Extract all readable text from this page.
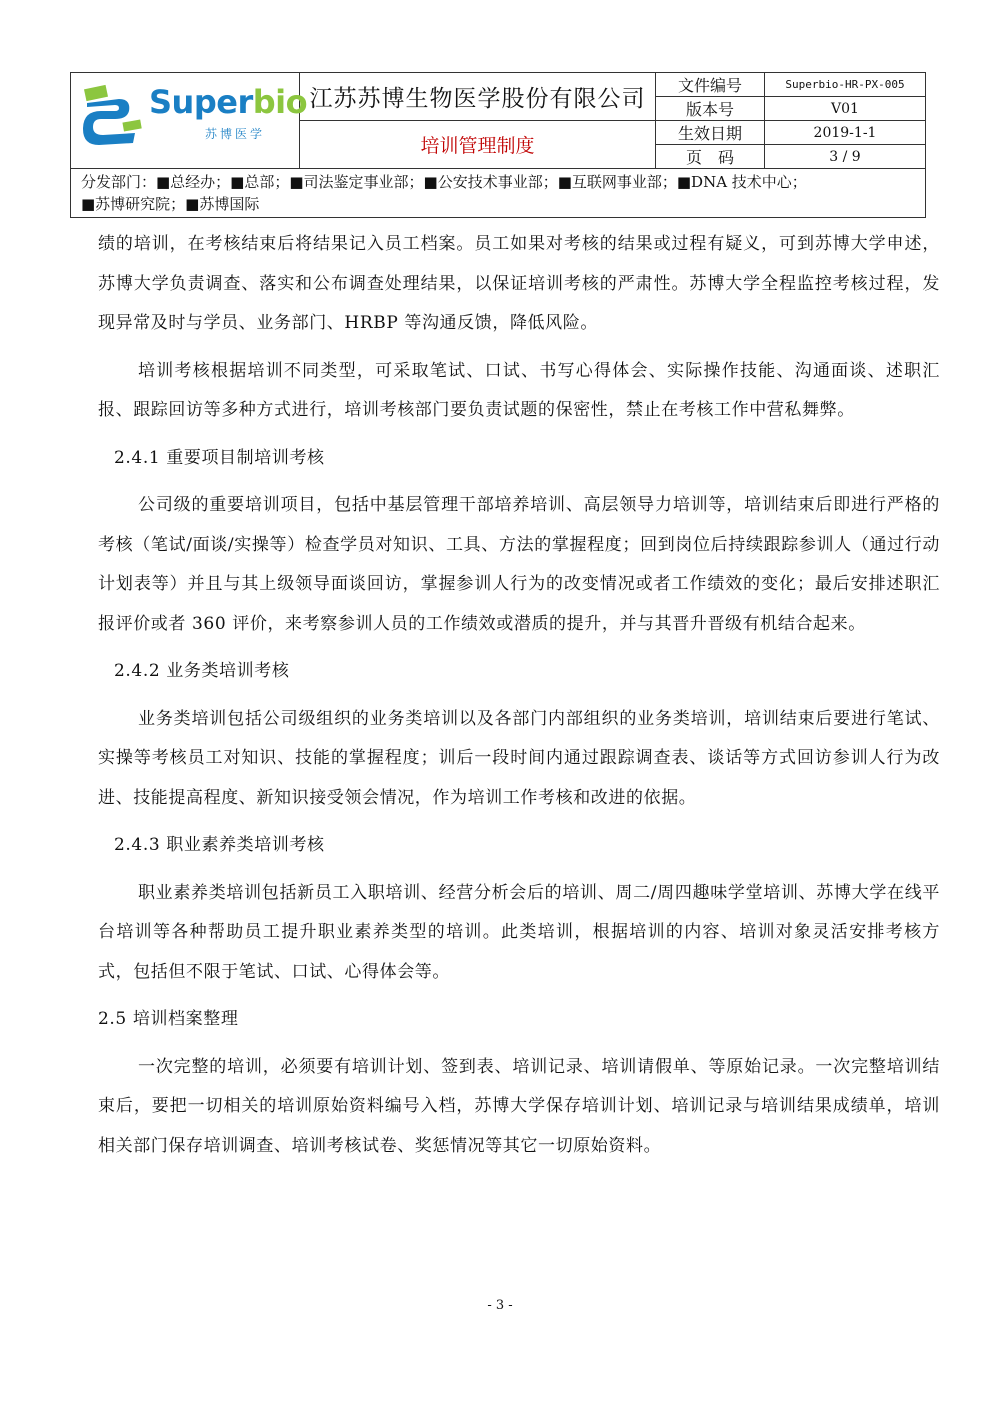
Superbio
苏博医学	江苏苏博生物医学股份有限公司	文件编号	Superbio-HR-PX-005
		版本号	V01
	培训管理制度	生效日期	2019-1-1
		页　码	3 / 9

分发部门：■总经办；■总部；■司法鉴定事业部；■公安技术事业部；■互联网事业部；■DNA 技术中心；
■苏博研究院；■苏博国际			

绩的培训，在考核结束后将结果记入员工档案。员工如果对考核的结果或过程有疑义，可到苏博大学申述，苏博大学负责调查、落实和公布调查处理结果，以保证培训考核的严肃性。苏博大学全程监控考核过程，发现异常及时与学员、业务部门、HRBP 等沟通反馈，降低风险。

培训考核根据培训不同类型，可采取笔试、口试、书写心得体会、实际操作技能、沟通面谈、述职汇报、跟踪回访等多种方式进行，培训考核部门要负责试题的保密性，禁止在考核工作中营私舞弊。

2.4.1 重要项目制培训考核

公司级的重要培训项目，包括中基层管理干部培养培训、高层领导力培训等，培训结束后即进行严格的考核（笔试/面谈/实操等）检查学员对知识、工具、方法的掌握程度；回到岗位后持续跟踪参训人（通过行动计划表等）并且与其上级领导面谈回访，掌握参训人行为的改变情况或者工作绩效的变化；最后安排述职汇报评价或者 360 评价，来考察参训人员的工作绩效或潜质的提升，并与其晋升晋级有机结合起来。

2.4.2 业务类培训考核

业务类培训包括公司级组织的业务类培训以及各部门内部组织的业务类培训，培训结束后要进行笔试、实操等考核员工对知识、技能的掌握程度；训后一段时间内通过跟踪调查表、谈话等方式回访参训人行为改进、技能提高程度、新知识接受领会情况，作为培训工作考核和改进的依据。

2.4.3 职业素养类培训考核

职业素养类培训包括新员工入职培训、经营分析会后的培训、周二/周四趣味学堂培训、苏博大学在线平台培训等各种帮助员工提升职业素养类型的培训。此类培训，根据培训的内容、培训对象灵活安排考核方式，包括但不限于笔试、口试、心得体会等。

2.5 培训档案整理

一次完整的培训，必须要有培训计划、签到表、培训记录、培训请假单、等原始记录。一次完整培训结束后，要把一切相关的培训原始资料编号入档，苏博大学保存培训计划、培训记录与培训结果成绩单，培训相关部门保存培训调查、培训考核试卷、奖惩情况等其它一切原始资料。

- 3 -
